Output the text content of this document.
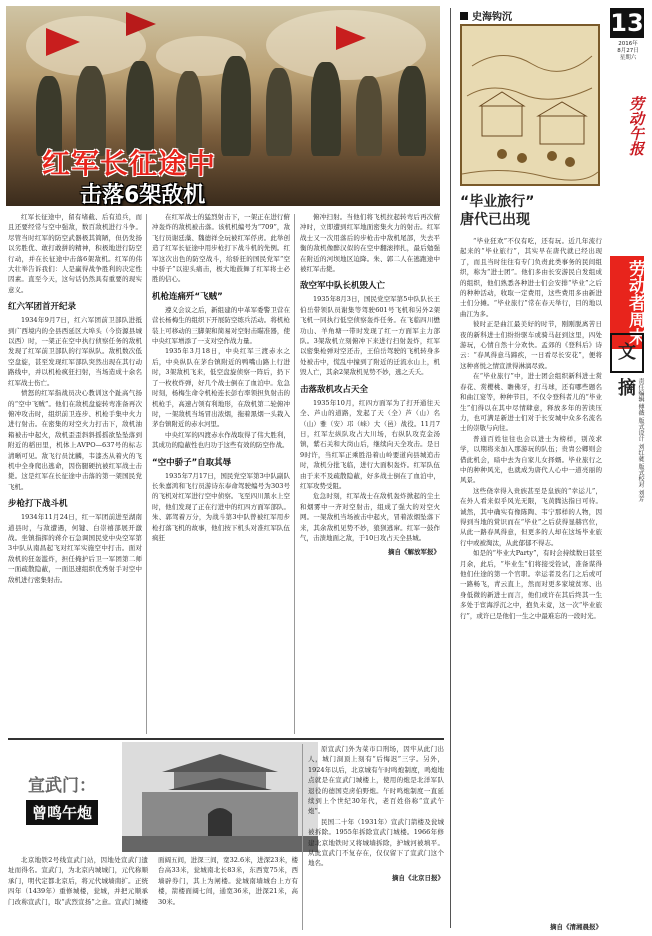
红军长征途中
击落6架敌机
13
2016年
8月27日
星期六
劳动午报
劳动者周末
文摘 责任编辑 傅薇 版式设计 刘红蕤 版式校对 刘芳

红军长征途中，留有堵截、后有追兵，而且还要经常与空中强敌，数百敌机进行斗争。尽管当时红军的防空武器极其简陋，但仍发扬以劣胜优、敢打敢拼的精神，积极地进行防空行动，并在长征途中击落6架敌机。红军的伟大壮举告诉我们：人是赢得战争胜利的决定性因素。直至今天，这句话仍然具有重要的现实意义。

红六军团首开纪录

1934年9月7日，红六军团前卫部队进抵到广西境内的全县西延区大埠头（今资源县城以西）时，一架正在空中执行侦察任务的敌机发现了红军前卫部队的行军纵队。敌机数次低空盘旋，甚至发现红军部队突然出现在其行动路线中，并以机枪疯狂扫射，当场造成十余名红军战士伤亡。

愤怒的红军指战员决心教训这个趾高气扬的“空中飞贼”。他们在敌机盘旋转弯准备再次俯冲攻击时，组织前卫连步、机枪手集中火力进行射击。在密集的对空火力打击下，敌机油箱被击中起火，敌机歪歪斜斜摇摇欲坠坠落到附近的稻田里，机体上AVPO—637号的标志清晰可见。敌飞行员沈麟，韦漆杰从着火的飞机中全身爬出逃命，因伤腿硬抗被红军战士击毙。这是红军在长征途中击落的第一架国民党飞机。

步枪打下战斗机

1934年11月24日，红一军团前进至湖南道县时，与敌遭遇，何键、白崇禧部展开激战。坐镇指挥的蒋介石急调国民党中央空军第3中队从南昌起飞对红军实施空中打击。面对敌机的狂轰滥炸，担任掩护后卫一军团第二师一面疏散隐蔽，一面迅速组织优秀射手对空中敌机进行密集射击。

在红军战士的猛烈射击下，一架正在进行俯冲轰炸的敌机被击落。该机机编号为“709”，敌飞行员谢廷藻、魏德祥全玩被红军俘虏。此举创造了红军长征途中用步枪打下战斗机的先例。红军这次出色的防空战斗，给骄狂的国民党军“空中骄子”以迎头痛击，极大地鼓舞了红军将士必胜的信心。

机枪连痛歼“飞贼”

遵义会议之后，新组建的中革军委警卫营在营长杨梅生的组织下开展防空练兵活动。将机枪装上可移动的三脚架和简易对空射击瞄准器，使中央红军增添了一支对空作战力量。

1935年3月18日，中央红军三渡赤水之后，中央纵队在茅台镇附近的鸭嘴山路上行进时，3架敌机飞来，低空盘旋侦察一阵后，扔下了一枚枚炸弹，好几个战士倒在了血泊中。危急时刻，杨梅生命令机枪连长彭右率领担负射击的机枪手，高速占领有利地形，在敌机第二轮俯冲时，一架敌机当场冒出浓烟，拖着黑烟一头栽入茅台镇附近的赤水河里。

中央红军的四渡赤水作战取得了伟大胜利，其成功的隐蔽性也归功于这些有效的防空作战。

“空中骄子”自取其辱

1935年7月17日，国民党空军第3中队副队长朱嘉鸿和飞行员游诗东奉命驾驶编号为303号的飞机对红军进行空中侦察。飞至四川黑水上空时，他们发现了正在行进中的红四方面军部队。朱、郭驾着万分，为战斗第3中队曾被红军用步枪打落飞机的故事，他们按下机头对准红军队伍疯狂

俯冲扫射。当他们将飞机拉起转弯后再次俯冲时，立即遭到红军地面密集火力的射击。红军战士又一次用落后的步枪击中敌机尾部，失去平衡的敌机像醉汉似的在空中翻滚摔扎，最后勉强在附近的河坝地区迫降。朱、郭二人在逃跑途中被红军击毙。

敌空军中队长机毁人亡

1935年8月3日，国民党空军第5中队队长王伯岳带领队员谢集等驾驶601号飞机和另外2架飞机一同执行低空侦察轰炸任务。在飞临四川懋功山、羊角塘一带时发现了红一方面军主力部队。3架敌机立刻俯冲下来进行扫射轰炸，红军以密集枪弹对空还击，王伯岳驾驶的飞机转身多处被击中，慌乱中撞到了附近的迁流水山上，机毁人亡，其余2架敌机见势不妙，逃之夭夭。

击落敌机攻占天全

1935年10月，红四方面军为了打开通往天全、芦山的道路，发起了天（全）芦（山）名（山）雅（安）邛（崃）大（邑）战役。11月7日，红军左纵队攻占大川场，右纵队攻克金汤镇，紫石关和大岗山后，继续向天全攻击。是日9时许，当红军正乘胜沿着山岭要道向县城追击时，敌机分批飞临，进行大面积轰炸。红军队伍由于来不及疏散隐蔽，好多战士倒在了血泊中，红军攻势受阻。

危急时刻，红军战士在敌机轰炸掀起的尘土和烟雾中一齐对空射击，组成了强大的对空火网。一架敌机当场被击中起火，冒着浓烟坠落下来，其余敌机见势不妙，狼狈逃窜。红军一鼓作气，击溃地面之敌，于10日攻占天全县城。

摘自《解放军报》
史海钩沉
“毕业旅行”
唐代已出现

“毕业狂欢”不仅有吃，还有玩。近几年流行起来的“毕业旅行”，其实早在唐代就已经出现了，而且当时往往有专门负责此类事务的民间组织，称为“进士团”。他们多由长安游民自发组成的组织，他们熟悉各种进士们会安排“毕业”之后的种种活动，收取一定费用，这些费用多由新进士们分摊。“毕业旅行”常在春天举行，目的地以曲江为多。

彼时正是曲江最美好的时节，刚刚脱离苦日夜的新科进士们纷纷驱车或骑马赶到这里，四处游玩，心情自然十分欢快。孟郊的《登科后》诗云：“春风得意马蹄疾，一日看尽长安花”，便将这种喜悦之情宣泄得淋漓尽致。

在“毕业旅行”中，进士团会组织新科进士赏春花、赏樱桃、瞻佛牙，打马球，还有哪些题名和曲江宴等，种种节目，不仅令登科者儿的“毕业生”们得以在其中尽情肆意，释放多年的苦读压力，也可满足新进士们对于长安城中众多名流名士的崇敬与向往。

普通百姓往往也会以进士为榜样，别茂求学，以期将来加入那游玩的队伍；贵胄公卿则会借此机会，暗中去为自家儿女择婿。毕业旅行之中的种种风光，也就成为唐代人心中一道亮丽的风景。

这些侥幸得入贵族甚至是皇族的“幸运儿”，在外人看来似乎风光无限，飞黄腾达指日可待。诚然，其中确实有像陈陶、韦宁那样的人物，因得到当地的赏识而在“毕业”之后获得显赫官位，从此一路春风得意，但更多的人却在这场毕业旅行中或被淘汰，从此郁郁不得志。

如是的“毕业大Party”，有时会持续数日甚至月余，此后，“毕业生”们将接受铨试，准备谋得他们仕途的第一个官职。幸运者及名门之后或可一路畅飞，青云直上，然而对更多家境贫寒、出身低微的新进士而言，他们或许在其后终其一生多处于宦海浮沉之中，抱负未竟，这一次“毕业旅行”，或许已是他们一生之中最难忘的一段时光。

宣武门：
曾鸣午炮

北京地铁2号线宣武门站，因地处宣武门遗址而得名。宣武门，为北京内城城门，元代称顺承门，明代定都北京后，将元代城墙南扩。正统四年（1439年）重修城楼，瓮城，并把元顺承门改称宣武门，取“武烈宣扬”之意。宣武门城楼面阔五间，进深三间，宽32.6米，进深23米，楼台高33米，瓮城南北长83米，东西宽75米，西墙辟券门，其上为闸楼。瓮城南墙城台上方有楼，箭楼面阔七间，通宽36米，进深21米，高30米。

原宣武门外为菜市口刑场，因牢从此门出人，城门洞顶上刻有“后悔迟”三字。另外，1924年以后，北京城有午时鸣炮制度，鸣炮地点就是在宣武门城楼上，使用的炮是北洋军队退役的德国克虏伯野炮。午时鸣炮制度一直延续到上个世纪30年代，老百姓俗称“宣武午炮”。

民国二十年（1931年）宣武门箭楼及瓮城被拆除。1955年拆除宣武门城楼。1966年修建北京地铁时又将城墙拆除，护城河被填平。从此宣武门不复存在，仅仅留下了宣武门这个地名。

摘自《北京日报》
摘自《清湘晨报》
